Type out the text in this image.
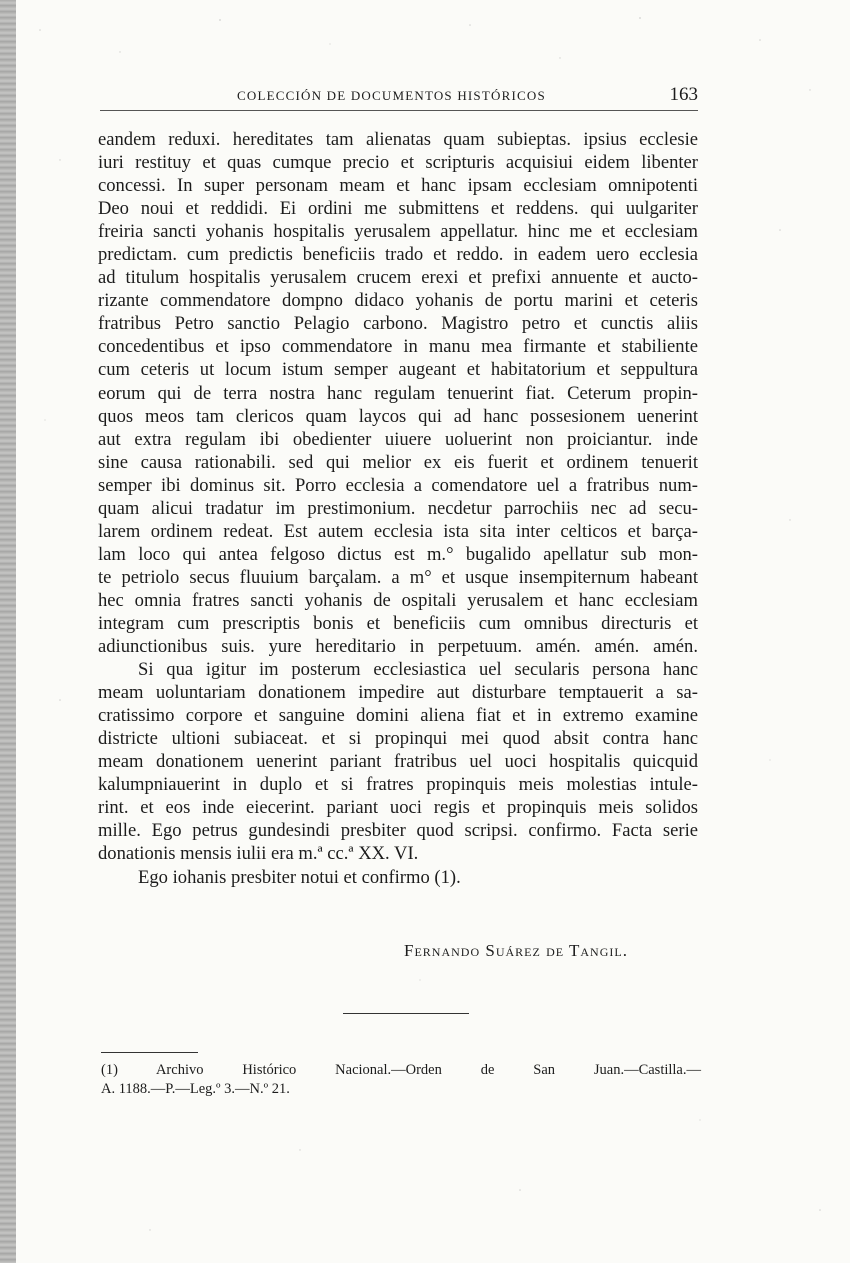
COLECCIÓN DE DOCUMENTOS HISTÓRICOS	163
eandem reduxi. hereditates tam alienatas quam subieptas. ipsius ecclesie
iuri restituy et quas cumque precio et scripturis acquisiui eidem libenter
concessi. In super personam meam et hanc ipsam ecclesiam omnipotenti
Deo noui et reddidi. Ei ordini me submittens et reddens. qui uulgariter
freiria sancti yohanis hospitalis yerusalem appellatur. hinc me et ecclesiam
predictam. cum predictis beneficiis trado et reddo. in eadem uero ecclesia
ad titulum hospitalis yerusalem crucem erexi et prefixi annuente et aucto-
rizante commendatore dompno didaco yohanis de portu marini et ceteris
fratribus Petro sanctio Pelagio carbono. Magistro petro et cunctis aliis
concedentibus et ipso commendatore in manu mea firmante et stabiliente
cum ceteris ut locum istum semper augeant et habitatorium et seppultura
eorum qui de terra nostra hanc regulam tenuerint fiat. Ceterum propin-
quos meos tam clericos quam laycos qui ad hanc possesionem uenerint
aut extra regulam ibi obedienter uiuere uoluerint non proiciantur. inde
sine causa rationabili. sed qui melior ex eis fuerit et ordinem tenuerit
semper ibi dominus sit. Porro ecclesia a comendatore uel a fratribus num-
quam alicui tradatur im prestimonium. necdetur parrochiis nec ad secu-
larem ordinem redeat. Est autem ecclesia ista sita inter celticos et barça-
lam loco qui antea felgoso dictus est m.° bugalido apellatur sub mon-
te petriolo secus fluuium barçalam. a m° et usque insempiternum habeant
hec omnia fratres sancti yohanis de ospitali yerusalem et hanc ecclesiam
integram cum prescriptis bonis et beneficiis cum omnibus directuris et
adiunctionibus suis. yure hereditario in perpetuum. amén. amén. amén.
Si qua igitur im posterum ecclesiastica uel secularis persona hanc
meam uoluntariam donationem impedire aut disturbare temptauerit a sa-
cratissimo corpore et sanguine domini aliena fiat et in extremo examine
districte ultioni subiaceat. et si propinqui mei quod absit contra hanc
meam donationem uenerint pariant fratribus uel uoci hospitalis quicquid
kalumpniauerint in duplo et si fratres propinquis meis molestias intule-
rint. et eos inde eiecerint. pariant uoci regis et propinquis meis solidos
mille. Ego petrus gundesindi presbiter quod scripsi. confirmo. Facta serie
donationis mensis iulii era m.ª cc.ª XX. VI.
Ego iohanis presbiter notui et confirmo (1).
Fernando Suárez de Tangil.
(1) Archivo Histórico Nacional.—Orden de San Juan.—Castilla.—
A. 1188.—P.—Leg.º 3.—N.º 21.
